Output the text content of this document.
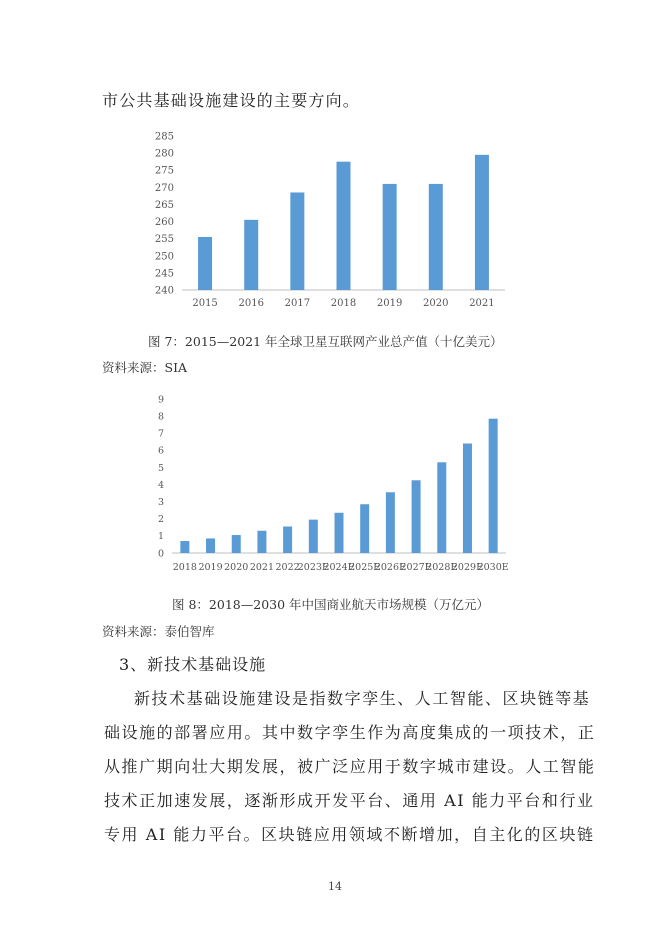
市公共基础设施建设的主要方向。
240
245
250
255
260
265
270
275
280
285
2015 2016 2017 2018 2019 2020 2021
图 7：2015—2021 年全球卫星互联网产业总产值（十亿美元）
资料来源：SIA
0
1
2
3
4
5
6
7
8
9
2018 2019 2020 2021 2022
2023E
2024E
2025E
2026E
2027E
2028E
2029E
2030E
图 8：2018—2030 年中国商业航天市场规模（万亿元）
资料来源：泰伯智库
3、新技术基础设施
新技术基础设施建设是指数字孪生、人工智能、区块链等基
础设施的部署应用。其中数字孪生作为高度集成的一项技术，正
从推广期向壮大期发展，被广泛应用于数字城市建设。人工智能
技术正加速发展，逐渐形成开发平台、通用 AI 能力平台和行业
专用 AI 能力平台。区块链应用领域不断增加，自主化的区块链
14
